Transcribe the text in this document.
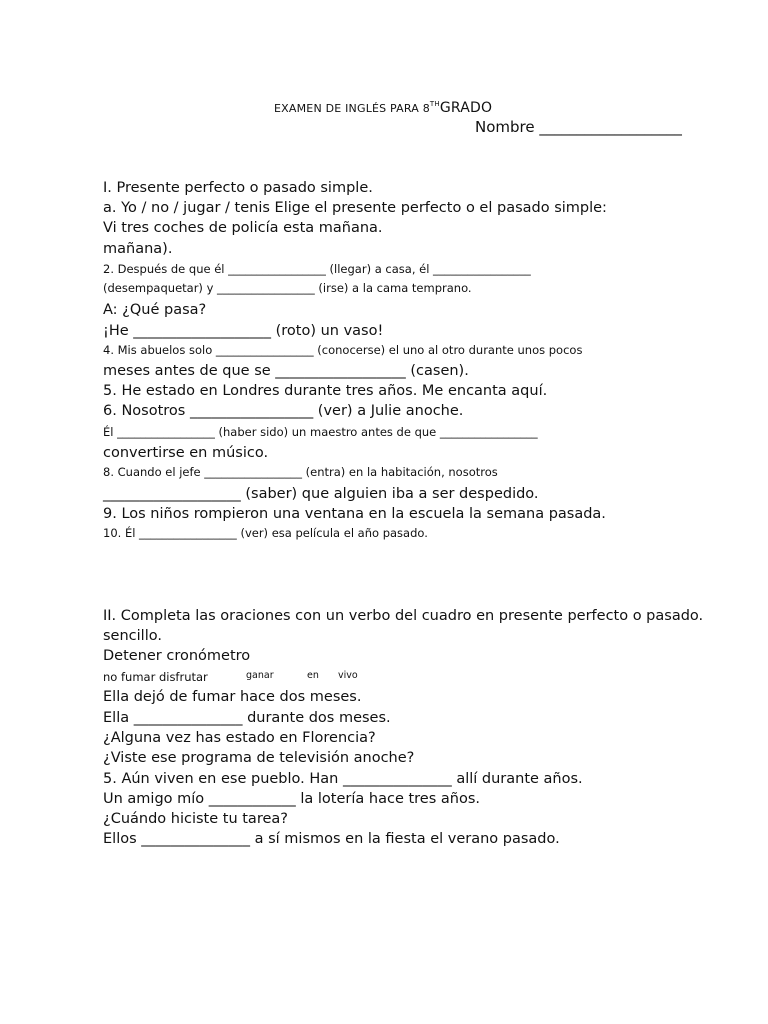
EXAMEN DE INGLÉS PARA 8THGRADO
Nombre ___________________

I. Presente perfecto o pasado simple.

a. Yo / no / jugar / tenis Elige el presente perfecto o el pasado simple:

Vi tres coches de policía esta mañana.

mañana).

2. Después de que él _________________ (llegar) a casa, él _________________

(desempaquetar) y _________________ (irse) a la cama temprano.

A: ¿Qué pasa?

¡He ___________________ (roto) un vaso!

4. Mis abuelos solo _________________ (conocerse) el uno al otro durante unos pocos

meses antes de que se __________________ (casen).

5. He estado en Londres durante tres años. Me encanta aquí.

6. Nosotros _________________ (ver) a Julie anoche.

Él _________________ (haber sido) un maestro antes de que _________________

convertirse en músico.

8. Cuando el jefe _________________ (entra) en la habitación, nosotros

___________________ (saber) que alguien iba a ser despedido.

9. Los niños rompieron una ventana en la escuela la semana pasada.

10. Él _________________ (ver) esa película el año pasado.

II. Completa las oraciones con un verbo del cuadro en presente perfecto o pasado.

sencillo.

Detener cronómetro

no fumar disfrutar	ganar	en vivo

Ella dejó de fumar hace dos meses.

Ella _______________ durante dos meses.

¿Alguna vez has estado en Florencia?

¿Viste ese programa de televisión anoche?

5. Aún viven en ese pueblo. Han _______________ allí durante años.

Un amigo mío ____________ la lotería hace tres años.

¿Cuándo hiciste tu tarea?

Ellos _______________ a sí mismos en la fiesta el verano pasado.
